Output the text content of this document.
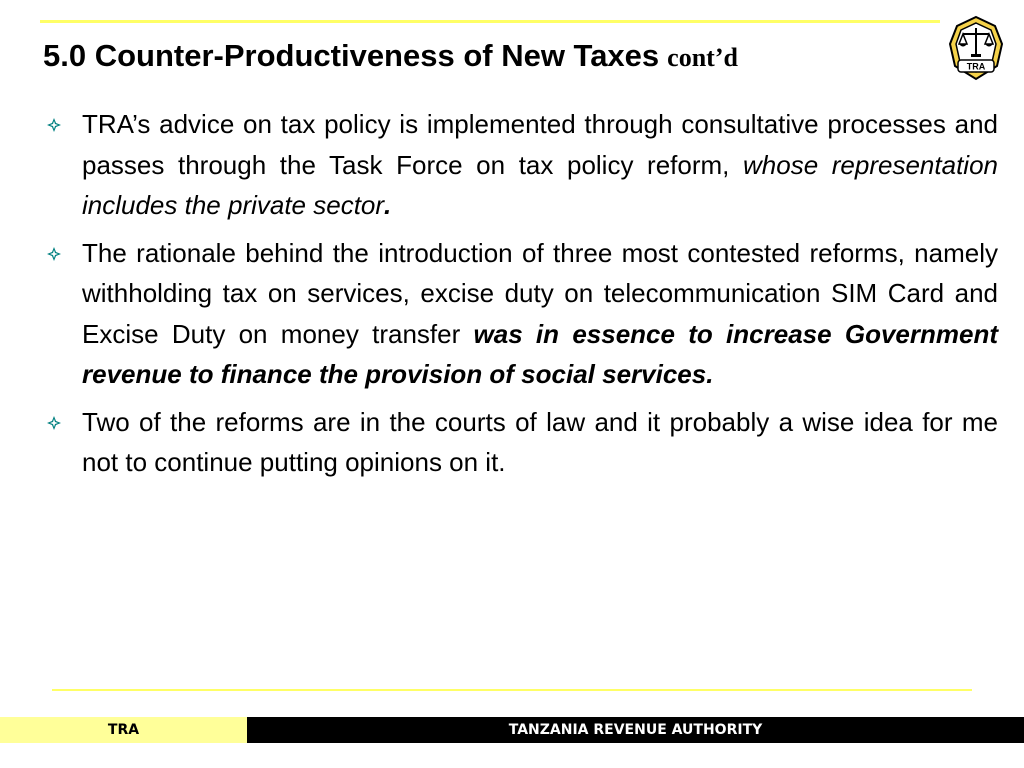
5.0 Counter-Productiveness of New Taxes cont’d	TRA
TRA’s advice on tax policy is implemented through consultative processes and passes through the Task Force on tax policy reform, whose representation includes the private sector.
The rationale behind the introduction of three most contested reforms, namely withholding tax on services, excise duty on telecommunication SIM Card and Excise Duty on money transfer was in essence to increase Government revenue to finance the provision of social services.
Two of the reforms are in the courts of law and it probably a wise idea for me not to continue putting opinions on it.
TRA	TANZANIA REVENUE AUTHORITY
